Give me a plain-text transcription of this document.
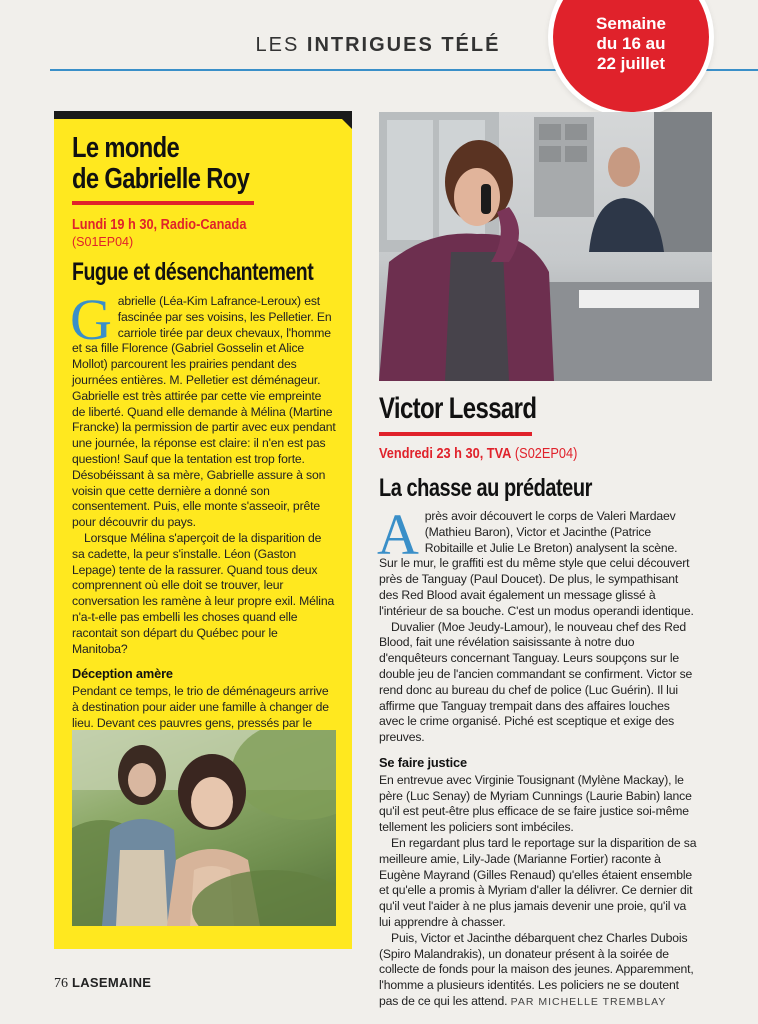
LES INTRIGUES TÉLÉ
Semaine
du 16 au
22 juillet
Le monde
de Gabrielle Roy
Lundi 19 h 30, Radio-Canada
(S01EP04)
Fugue et désenchantement

Gabrielle (Léa-Kim Lafrance-Leroux) est fascinée par ses voisins, les Pelletier. En carriole tirée par deux chevaux, l'homme et sa fille Florence (Gabriel Gosselin et Alice Mollot) parcourent les prairies pendant des journées entières. M. Pelletier est déménageur. Gabrielle est très attirée par cette vie empreinte de liberté. Quand elle demande à Mélina (Martine Francke) la permission de partir avec eux pendant une journée, la réponse est claire: il n'en est pas question! Sauf que la tentation est trop forte. Désobéissant à sa mère, Gabrielle assure à son voisin que cette dernière a donné son consentement. Puis, elle monte s'asseoir, prête pour découvrir du pays.

Lorsque Mélina s'aperçoit de la disparition de sa cadette, la peur s'installe. Léon (Gaston Lepage) tente de la rassurer. Quand tous deux comprennent où elle doit se trouver, leur conversation les ramène à leur propre exil. Mélina n'a-t-elle pas embelli les choses quand elle racontait son départ du Québec pour le Manitoba?

Déception amère

Pendant ce temps, le trio de déménageurs arrive à destination pour aider une famille à changer de lieu. Devant ces pauvres gens, pressés par le

Victor Lessard
Vendredi 23 h 30, TVA (S02EP04)
La chasse au prédateur

Après avoir découvert le corps de Valeri Mardaev (Mathieu Baron), Victor et Jacinthe (Patrice Robitaille et Julie Le Breton) analysent la scène. Sur le mur, le graffiti est du même style que celui découvert près de Tanguay (Paul Doucet). De plus, le sympathisant des Red Blood avait également un message glissé à l'intérieur de sa bouche. C'est un modus operandi identique.

Duvalier (Moe Jeudy-Lamour), le nouveau chef des Red Blood, fait une révélation saisissante à notre duo d'enquêteurs concernant Tanguay. Leurs soupçons sur le double jeu de l'ancien commandant se confirment. Victor se rend donc au bureau du chef de police (Luc Guérin). Il lui affirme que Tanguay trempait dans des affaires louches avec le crime organisé. Piché est sceptique et exige des preuves.

Se faire justice

En entrevue avec Virginie Tousignant (Mylène Mackay), le père (Luc Senay) de Myriam Cunnings (Laurie Babin) lance qu'il est peut-être plus efficace de se faire justice soi-même tellement les policiers sont imbéciles.

En regardant plus tard le reportage sur la disparition de sa meilleure amie, Lily-Jade (Marianne Fortier) raconte à Eugène Mayrand (Gilles Renaud) qu'elles étaient ensemble et qu'elle a promis à Myriam d'aller la délivrer. Ce dernier dit qu'il veut l'aider à ne plus jamais devenir une proie, qu'il va lui apprendre à chasser.

Puis, Victor et Jacinthe débarquent chez Charles Dubois (Spiro Malandrakis), un donateur présent à la soirée de collecte de fonds pour la maison des jeunes. Apparemment, l'homme a plusieurs identités. Les policiers ne se doutent pas de ce qui les attend. PAR MICHELLE TREMBLAY

76 LASEMAINE
